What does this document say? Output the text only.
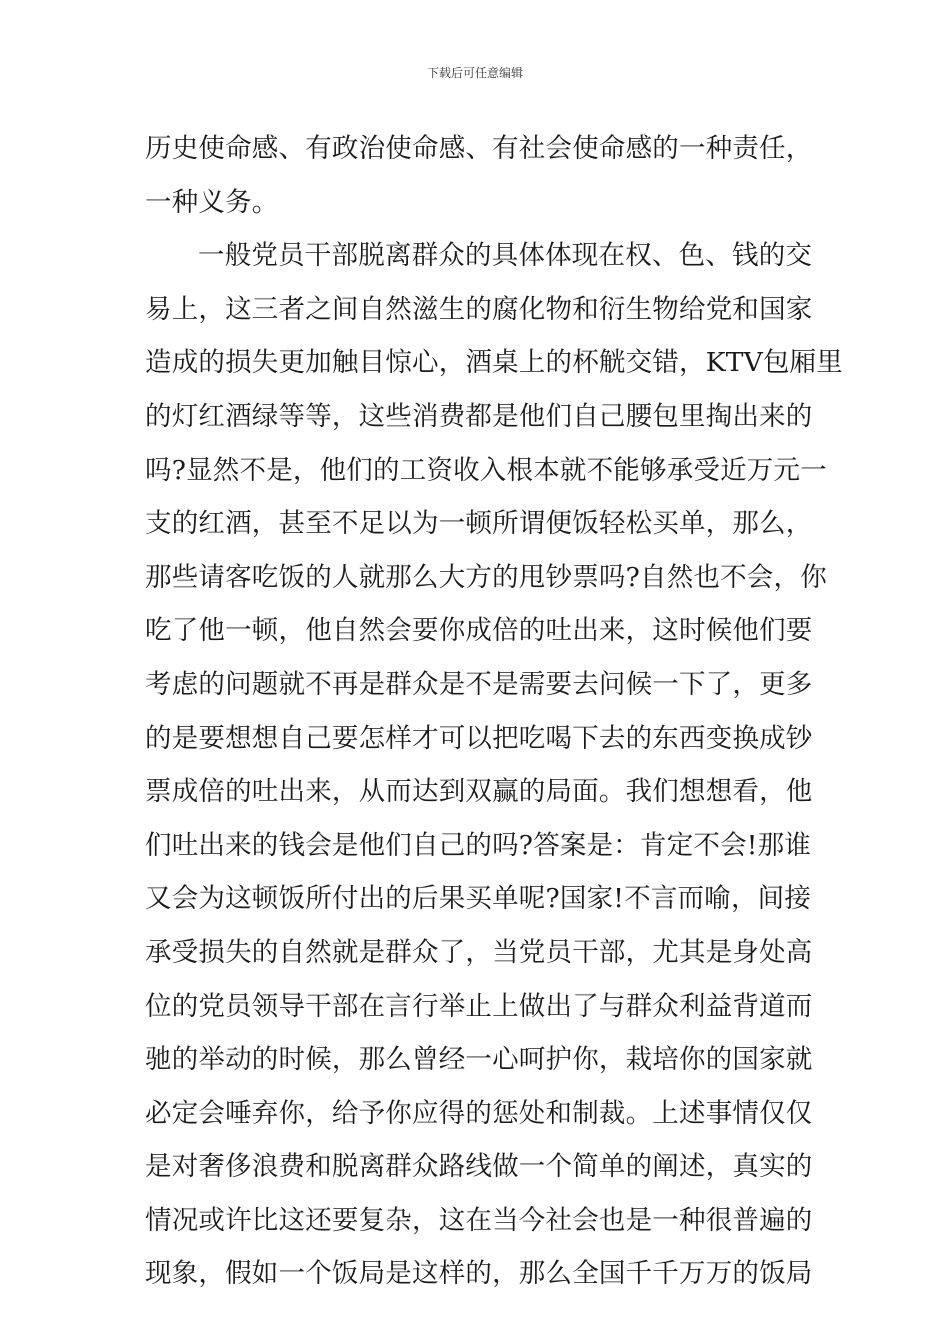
下载后可任意编辑
历史使命感、有政治使命感、有社会使命感的一种责任，
一种义务。
一般党员干部脱离群众的具体体现在权、色、钱的交
易上，这三者之间自然滋生的腐化物和衍生物给党和国家
造成的损失更加触目惊心，酒桌上的杯觥交错，KTV包厢里
的灯红酒绿等等，这些消费都是他们自己腰包里掏出来的
吗?显然不是，他们的工资收入根本就不能够承受近万元一
支的红酒，甚至不足以为一顿所谓便饭轻松买单，那么，
那些请客吃饭的人就那么大方的甩钞票吗?自然也不会，你
吃了他一顿，他自然会要你成倍的吐出来，这时候他们要
考虑的问题就不再是群众是不是需要去问候一下了，更多
的是要想想自己要怎样才可以把吃喝下去的东西变换成钞
票成倍的吐出来，从而达到双赢的局面。我们想想看，他
们吐出来的钱会是他们自己的吗?答案是：肯定不会!那谁
又会为这顿饭所付出的后果买单呢?国家!不言而喻，间接
承受损失的自然就是群众了，当党员干部，尤其是身处高
位的党员领导干部在言行举止上做出了与群众利益背道而
驰的举动的时候，那么曾经一心呵护你，栽培你的国家就
必定会唾弃你，给予你应得的惩处和制裁。上述事情仅仅
是对奢侈浪费和脱离群众路线做一个简单的阐述，真实的
情况或许比这还要复杂，这在当今社会也是一种很普遍的
现象，假如一个饭局是这样的，那么全国千千万万的饭局
